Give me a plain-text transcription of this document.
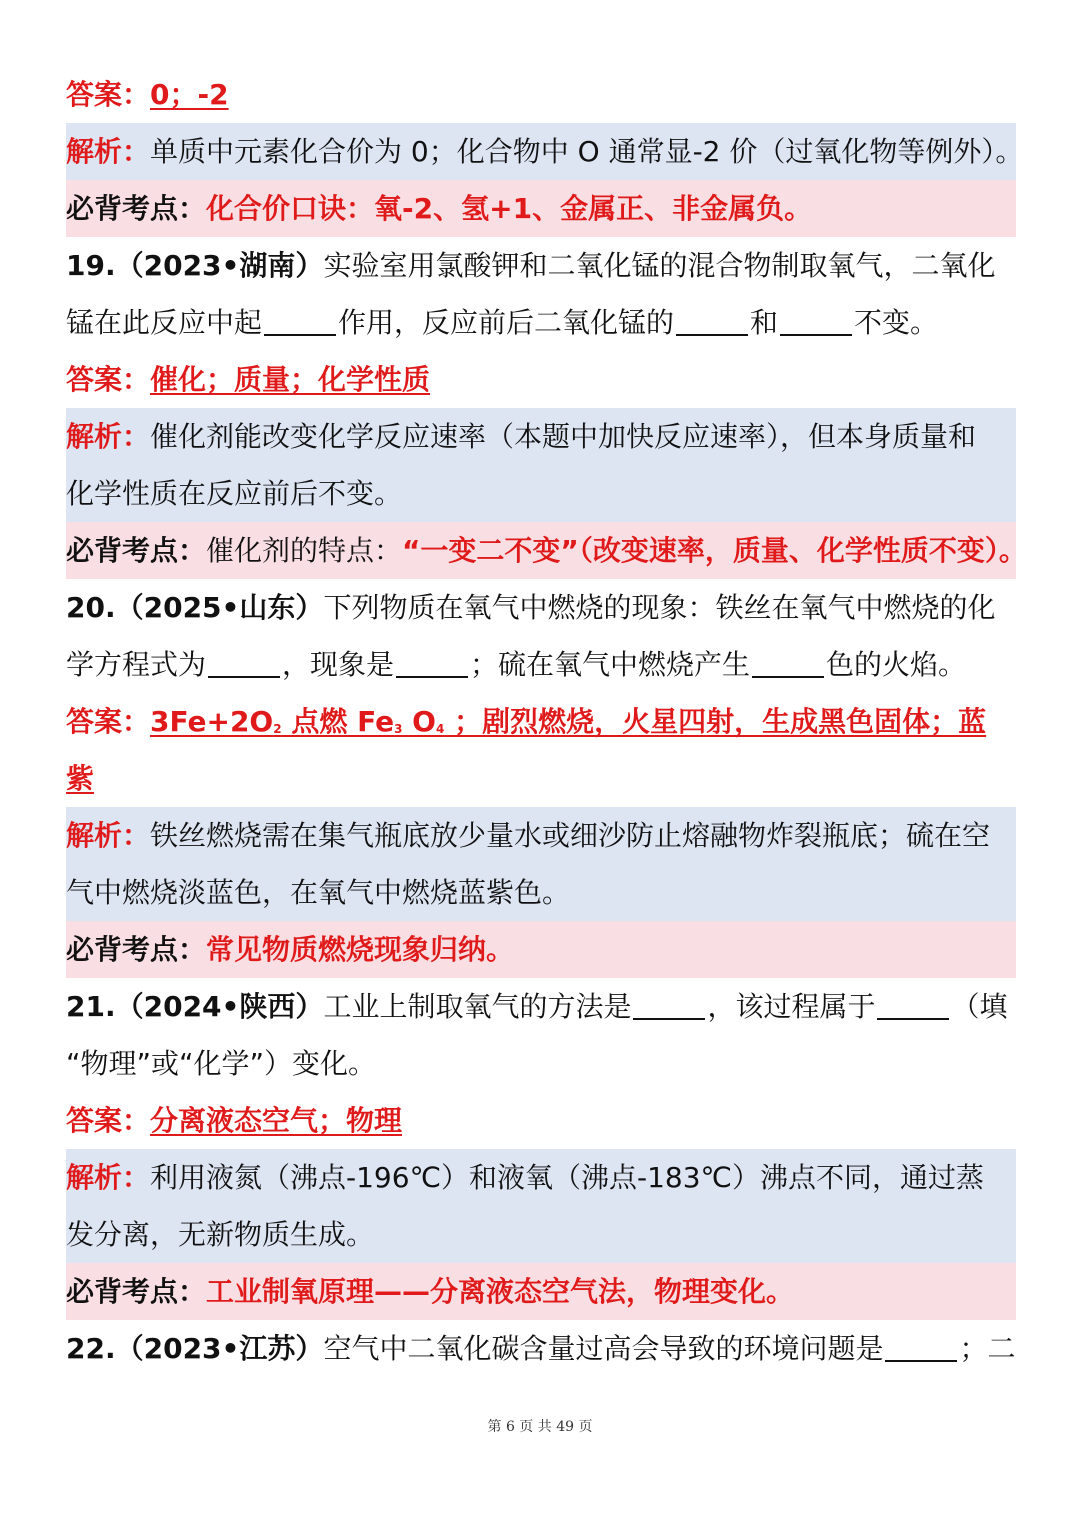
答案：0；-2
解析：单质中元素化合价为 0；化合物中 O 通常显-2 价（过氧化物等例外）。
必背考点：化合价口诀：氧-2、氢+1、金属正、非金属负。
19.（2023•湖南）实验室用氯酸钾和二氧化锰的混合物制取氧气，二氧化
锰在此反应中起	作用，反应前后二氧化锰的	和	不变。
答案：催化；质量；化学性质
解析：催化剂能改变化学反应速率（本题中加快反应速率），但本身质量和
化学性质在反应前后不变。
必背考点：催化剂的特点：“一变二不变”（改变速率，质量、化学性质不变）。
20.（2025•山东）下列物质在氧气中燃烧的现象：铁丝在氧气中燃烧的化
学方程式为	，现象是	；硫在氧气中燃烧产生	色的火焰。
答案：$3Fe+2O_2$ 点燃 $Fe_3$ $O_4$ ；剧烈燃烧，火星四射，生成黑色固体；蓝
紫
解析：铁丝燃烧需在集气瓶底放少量水或细沙防止熔融物炸裂瓶底；硫在空
气中燃烧淡蓝色，在氧气中燃烧蓝紫色。
必背考点：常见物质燃烧现象归纳。
21.（2024•陕西）工业上制取氧气的方法是	，该过程属于	（填
“物理”或“化学”）变化。
答案：分离液态空气；物理
解析：利用液氮（沸点-196℃）和液氧（沸点-183℃）沸点不同，通过蒸
发分离，无新物质生成。
必背考点：工业制氧原理——分离液态空气法，物理变化。
22.（2023•江苏）空气中二氧化碳含量过高会导致的环境问题是	；二
第 6 页 共 49 页
